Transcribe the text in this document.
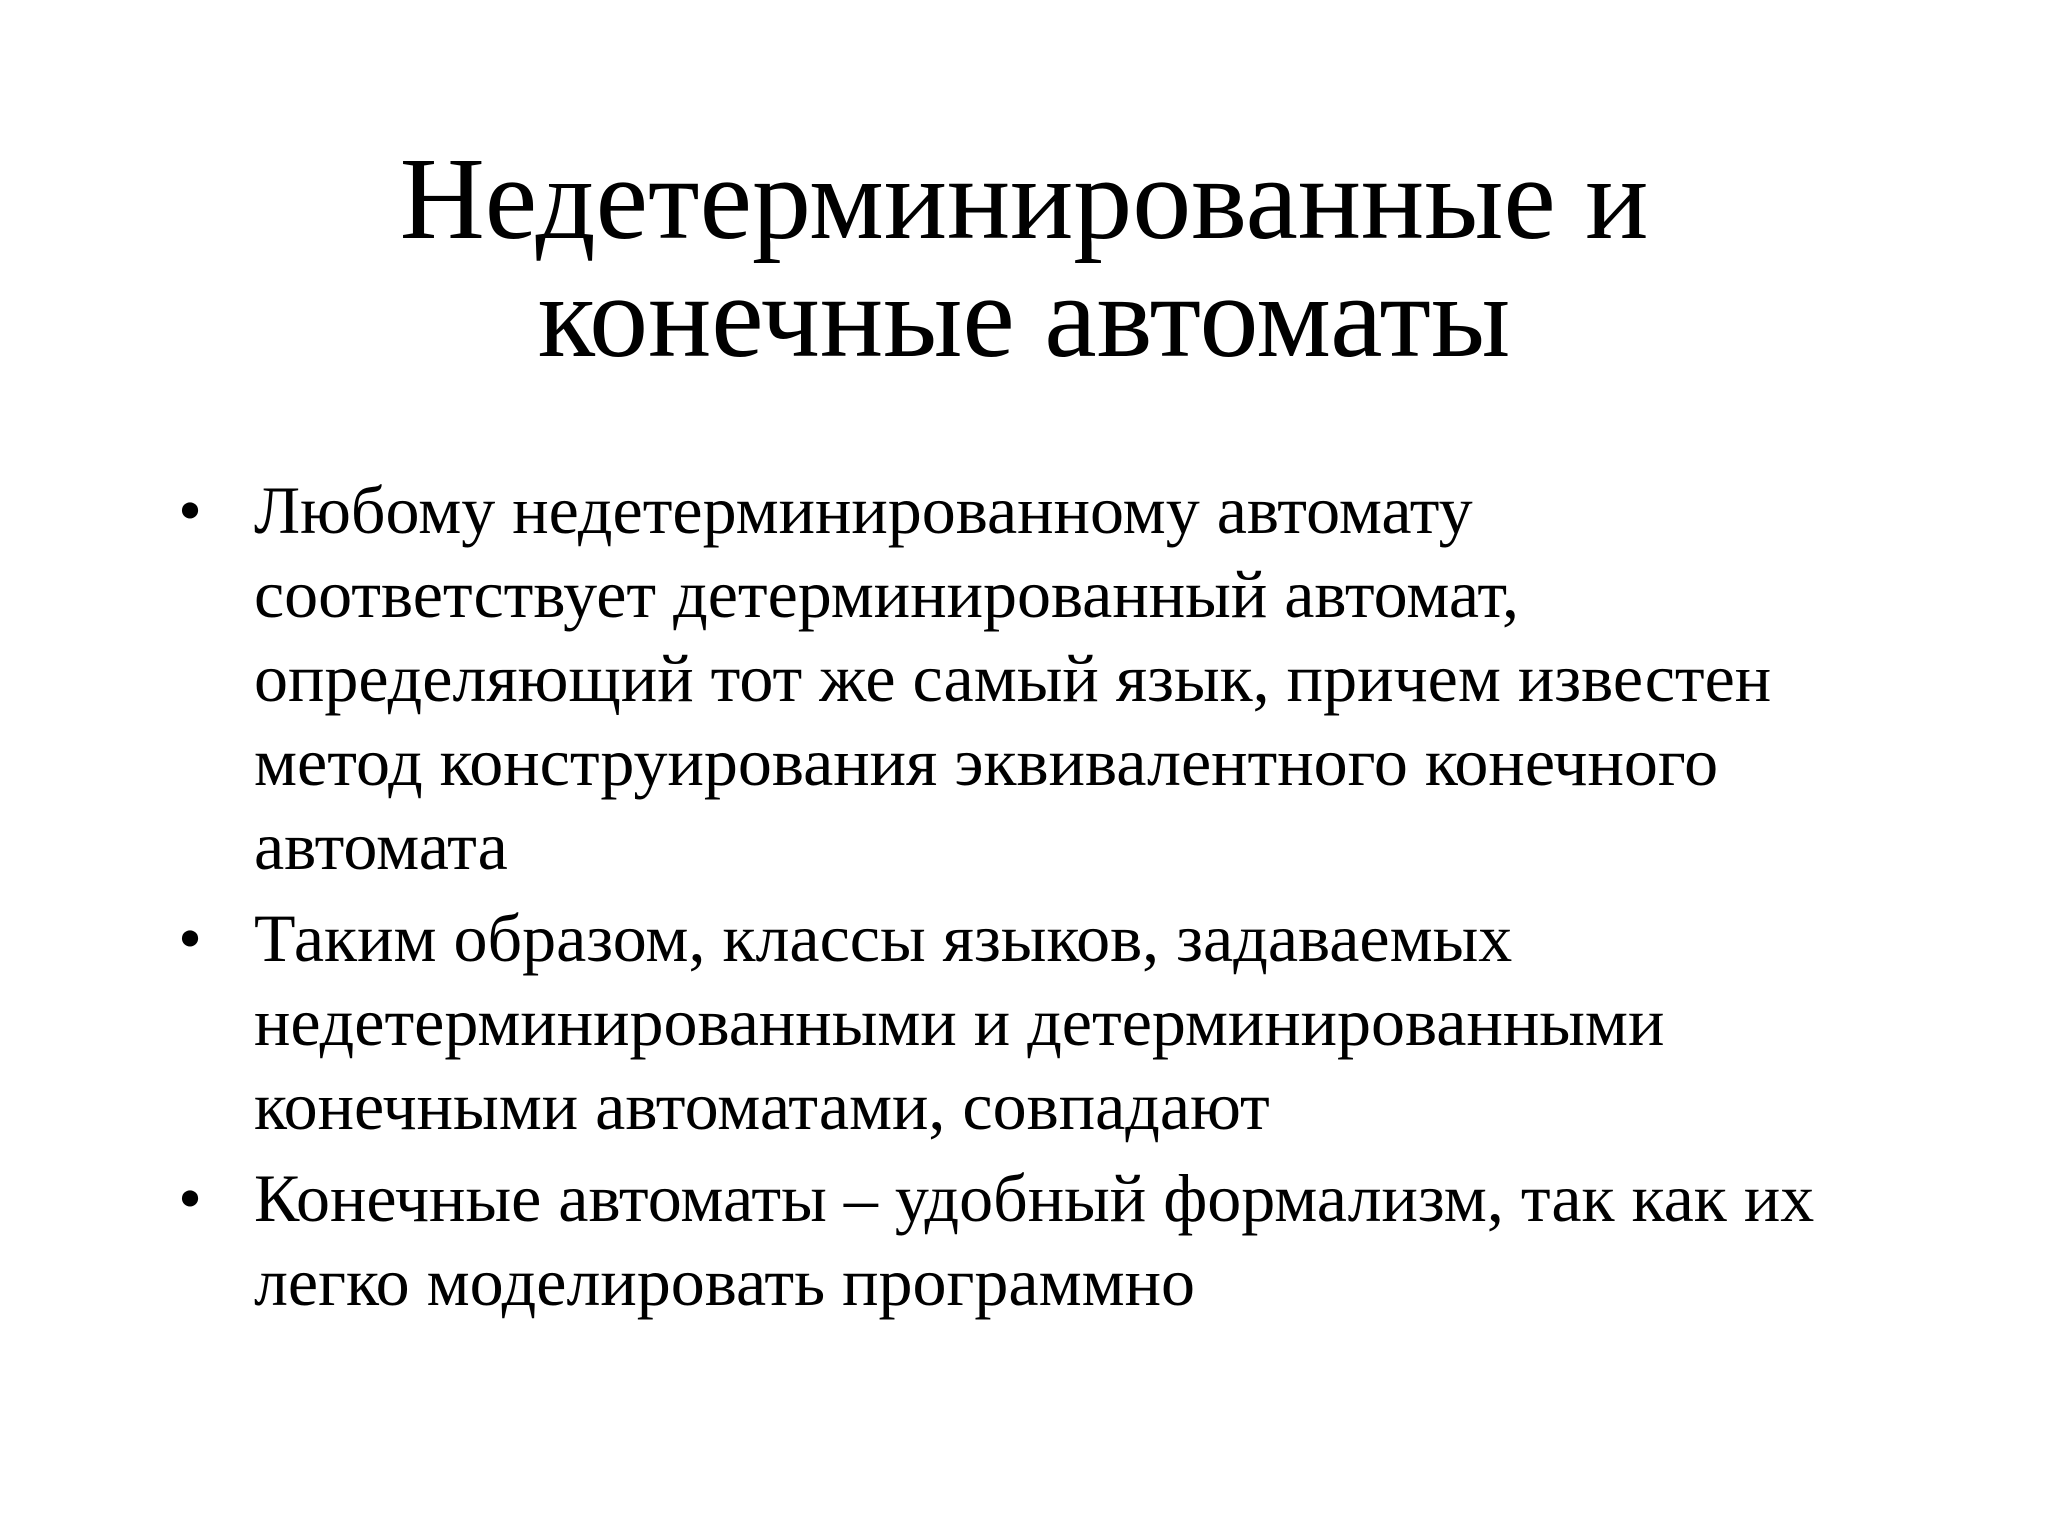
Недетерминированные и
конечные автоматы
• Любому недетерминированному автомату
соответствует детерминированный автомат,
определяющий тот же самый язык, причем известен
метод конструирования эквивалентного конечного
автомата
• Таким образом, классы языков, задаваемых
недетерминированными и детерминированными
конечными автоматами, совпадают
• Конечные автоматы – удобный формализм, так как их
легко моделировать программно
